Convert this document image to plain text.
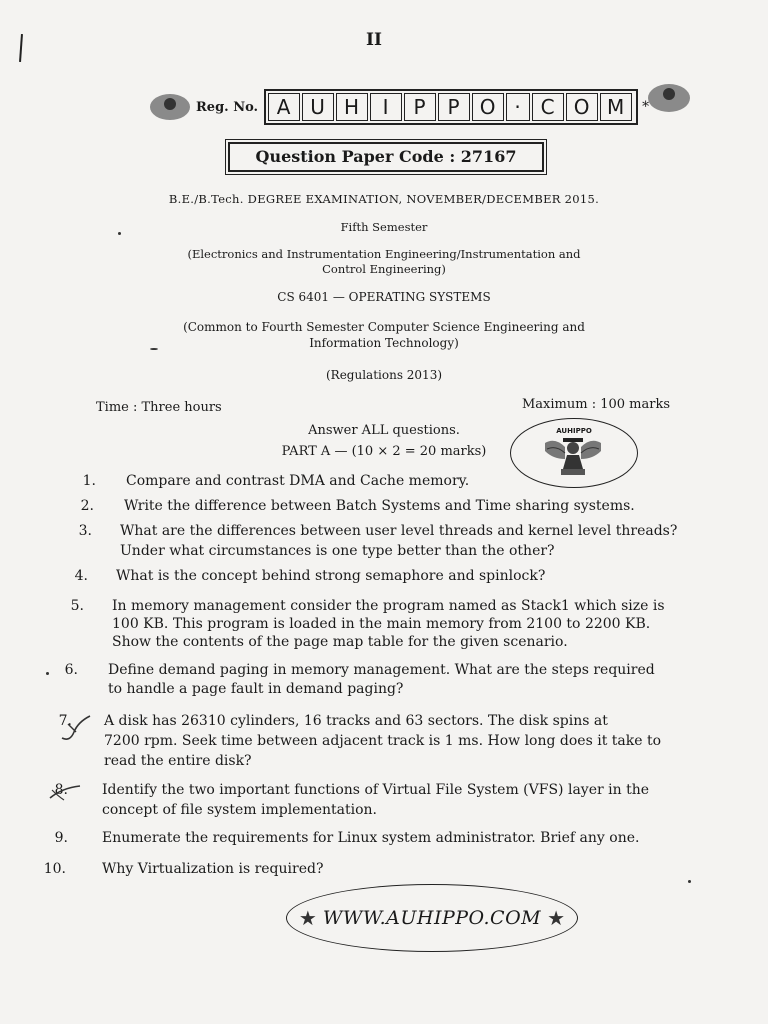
II
Reg. No. A U H	I	P	P O · C O M	*
Question Paper Code : 27167
B.E./B.Tech. DEGREE EXAMINATION, NOVEMBER/DECEMBER 2015.
Fifth Semester
(Electronics and Instrumentation Engineering/Instrumentation and
Control Engineering)
CS 6401 — OPERATING SYSTEMS
(Common to Fourth Semester Computer Science Engineering and
Information Technology)
(Regulations 2013)
Time : Three hours	Maximum : 100 marks
Answer ALL questions.
PART A — (10 × 2 = 20 marks)
AUHIPPO
1. Compare and contrast DMA and Cache memory.
2. Write the difference between Batch Systems and Time sharing systems.
3. What are the differences between user level threads and kernel level threads?
Under what circumstances is one type better than the other?
4. What is the concept behind strong semaphore and spinlock?
5. In memory management consider the program named as Stack1 which size is
100 KB. This program is loaded in the main memory from 2100 to 2200 KB.
Show the contents of the page map table for the given scenario.
6. Define demand paging in memory management. What are the steps required
to handle a page fault in demand paging?
7. A disk has 26310 cylinders, 16 tracks and 63 sectors. The disk spins at
7200 rpm. Seek time between adjacent track is 1 ms. How long does it take to
read the entire disk?
8. Identify the two important functions of Virtual File System (VFS) layer in the
concept of file system implementation.
9. Enumerate the requirements for Linux system administrator. Brief any one.
10.	Why Virtualization is required?
★ WWW.AUHIPPO.COM ★
